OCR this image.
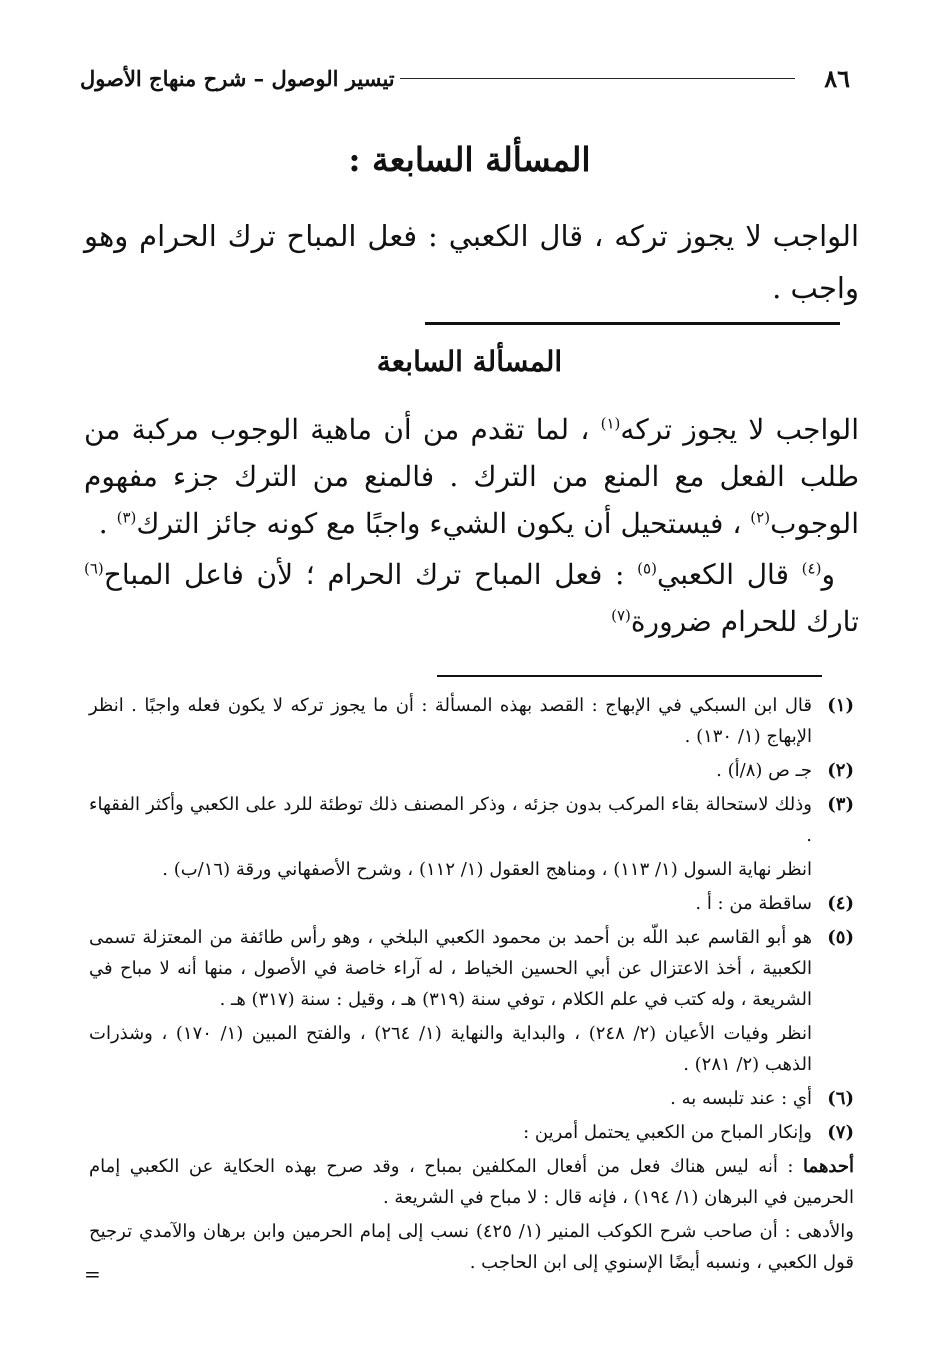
٨٦
تيسير الوصول – شرح منهاج الأصول
المسألة السابعة :
الواجب لا يجوز تركه ، قال الكعبي : فعل المباح ترك الحرام وهو واجب .
المسألة السابعة

الواجب لا يجوز تركه$^{(١)}$ ، لما تقدم من أن ماهية الوجوب مركبة من طلب الفعل مع المنع من الترك . فالمنع من الترك جزء مفهوم الوجوب$^{(٢)}$ ، فيستحيل أن يكون الشيء واجبًا مع كونه جائز الترك$^{(٣)}$ .

و$^{(٤)}$ قال الكعبي$^{(٥)}$ : فعل المباح ترك الحرام ؛ لأن فاعل المباح$^{(٦)}$ تارك للحرام ضرورة$^{(٧)}$

(١)
قال ابن السبكي في الإبهاج : القصد بهذه المسألة : أن ما يجوز تركه لا يكون فعله واجبًا . انظر الإبهاج (١/ ١٣٠) .
(٢)
جـ ص (٨/أ) .
(٣)
وذلك لاستحالة بقاء المركب بدون جزئه ، وذكر المصنف ذلك توطئة للرد على الكعبي وأكثر الفقهاء .
انظر نهاية السول (١/ ١١٣) ، ومناهج العقول (١/ ١١٢) ، وشرح الأصفهاني ورقة (١٦/ب) .
(٤)
ساقطة من : أ .
(٥)
هو أبو القاسم عبد اللّه بن أحمد بن محمود الكعبي البلخي ، وهو رأس طائفة من المعتزلة تسمى الكعبية ، أخذ الاعتزال عن أبي الحسين الخياط ، له آراء خاصة في الأصول ، منها أنه لا مباح في الشريعة ، وله كتب في علم الكلام ، توفي سنة (٣١٩) هـ ، وقيل : سنة (٣١٧) هـ .
انظر وفيات الأعيان (٢/ ٢٤٨) ، والبداية والنهاية (١/ ٢٦٤) ، والفتح المبين (١/ ١٧٠) ، وشذرات الذهب (٢/ ٢٨١) .
(٦)
أي : عند تلبسه به .
(٧)
وإنكار المباح من الكعبي يحتمل أمرين :
أحدهما : أنه ليس هناك فعل من أفعال المكلفين بمباح ، وقد صرح بهذه الحكاية عن الكعبي إمام الحرمين في البرهان (١/ ١٩٤) ، فإنه قال : لا مباح في الشريعة .
والأدهى : أن صاحب شرح الكوكب المنير (١/ ٤٢٥) نسب إلى إمام الحرمين وابن برهان والآمدي ترجيح قول الكعبي ، ونسبه أيضًا الإسنوي إلى ابن الحاجب .
=
